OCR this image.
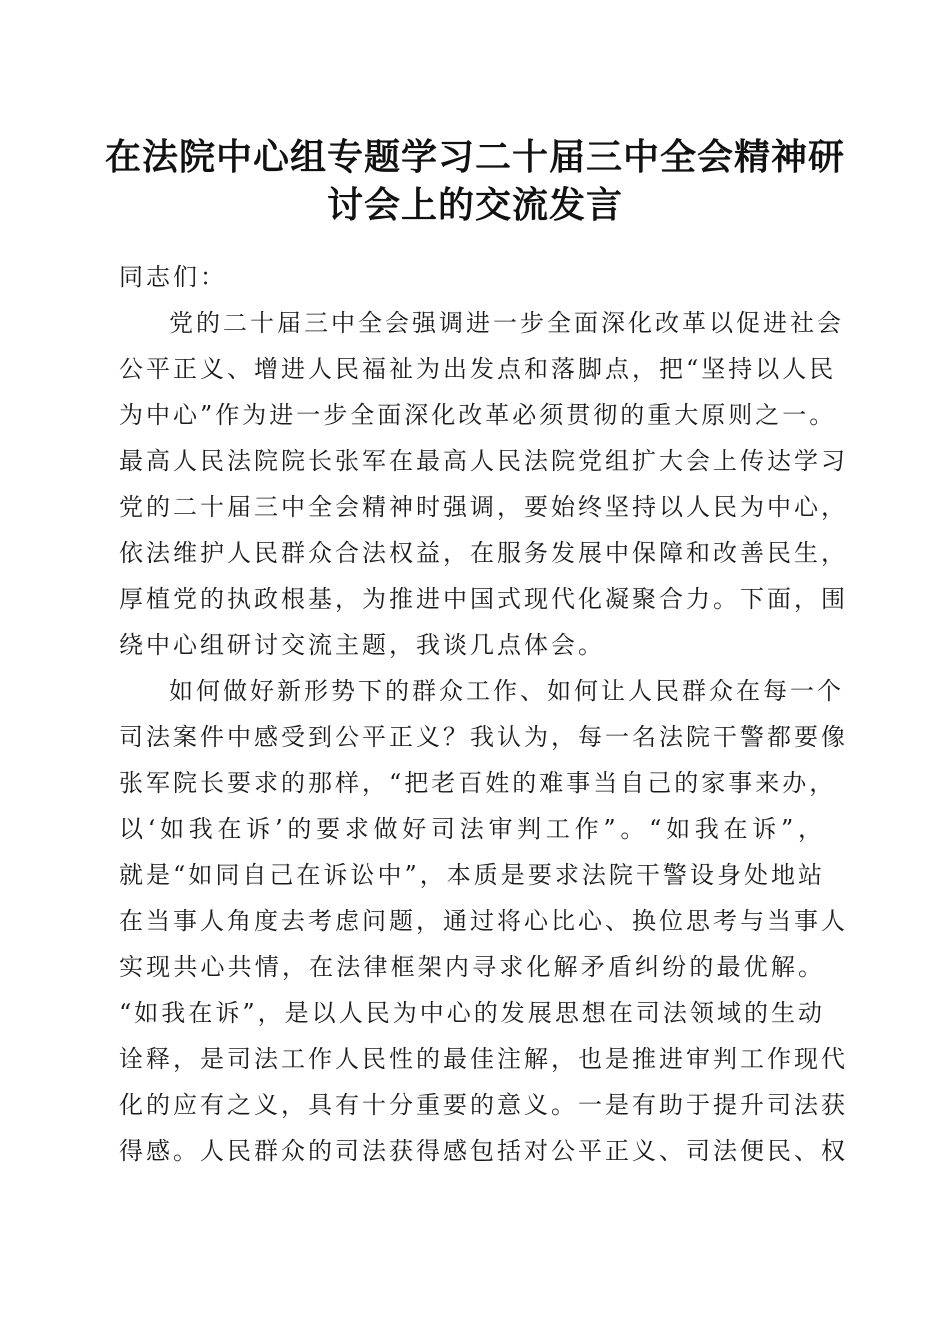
在法院中心组专题学习二十届三中全会精神研
讨会上的交流发言

同志们：

党的二十届三中全会强调进一步全面深化改革以促进社会
公平正义、增进人民福祉为出发点和落脚点，把“坚持以人民
为中心”作为进一步全面深化改革必须贯彻的重大原则之一。
最高人民法院院长张军在最高人民法院党组扩大会上传达学习
党的二十届三中全会精神时强调，要始终坚持以人民为中心，
依法维护人民群众合法权益，在服务发展中保障和改善民生，
厚植党的执政根基，为推进中国式现代化凝聚合力。下面，围
绕中心组研讨交流主题，我谈几点体会。

如何做好新形势下的群众工作、如何让人民群众在每一个
司法案件中感受到公平正义？我认为，每一名法院干警都要像
张军院长要求的那样，“把老百姓的难事当自己的家事来办，
以‘如我在诉’的要求做好司法审判工作”。“如我在诉”，
就是“如同自己在诉讼中”，本质是要求法院干警设身处地站
在当事人角度去考虑问题，通过将心比心、换位思考与当事人
实现共心共情，在法律框架内寻求化解矛盾纠纷的最优解。
“如我在诉”，是以人民为中心的发展思想在司法领域的生动
诠释，是司法工作人民性的最佳注解，也是推进审判工作现代
化的应有之义，具有十分重要的意义。一是有助于提升司法获
得感。人民群众的司法获得感包括对公平正义、司法便民、权
